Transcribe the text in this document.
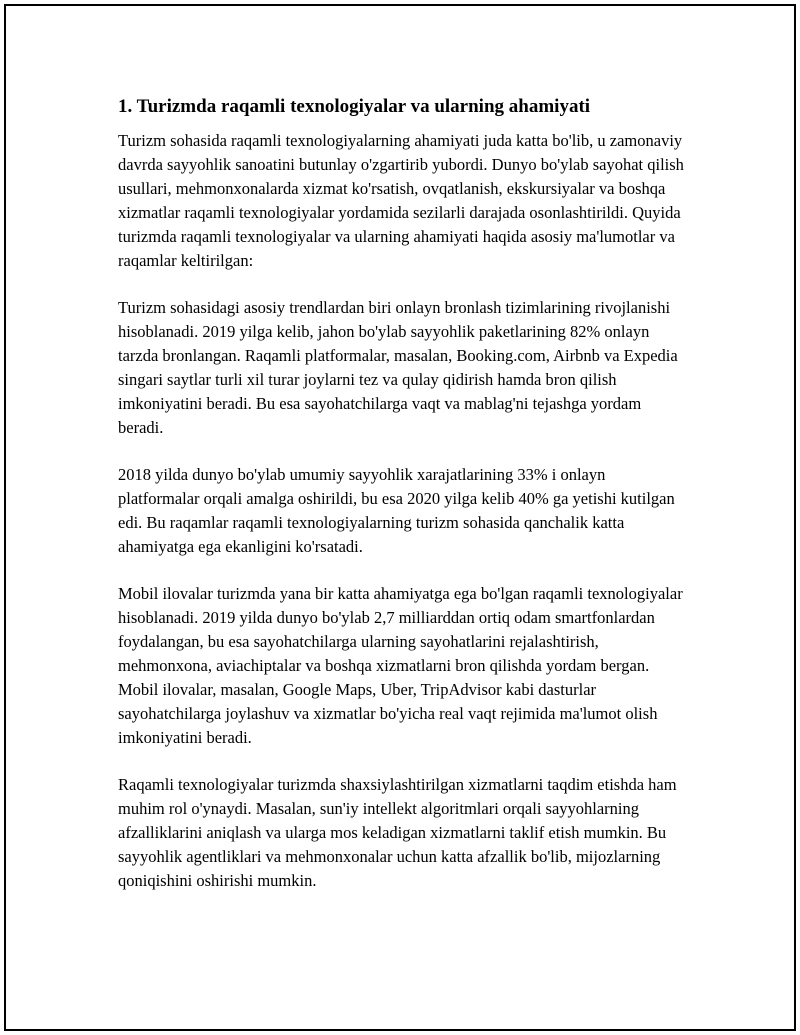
1. Turizmda raqamli texnologiyalar va ularning ahamiyati

Turizm sohasida raqamli texnologiyalarning ahamiyati juda katta bo'lib, u zamonaviy davrda sayyohlik sanoatini butunlay o'zgartirib yubordi. Dunyo bo'ylab sayohat qilish usullari, mehmonxonalarda xizmat ko'rsatish, ovqatlanish, ekskursiyalar va boshqa xizmatlar raqamli texnologiyalar yordamida sezilarli darajada osonlashtirildi. Quyida turizmda raqamli texnologiyalar va ularning ahamiyati haqida asosiy ma'lumotlar va raqamlar keltirilgan:

Turizm sohasidagi asosiy trendlardan biri onlayn bronlash tizimlarining rivojlanishi hisoblanadi. 2019 yilga kelib, jahon bo'ylab sayyohlik paketlarining 82% onlayn tarzda bronlangan. Raqamli platformalar, masalan, Booking.com, Airbnb va Expedia singari saytlar turli xil turar joylarni tez va qulay qidirish hamda bron qilish imkoniyatini beradi. Bu esa sayohatchilarga vaqt va mablag'ni tejashga yordam beradi.

2018 yilda dunyo bo'ylab umumiy sayyohlik xarajatlarining 33% i onlayn platformalar orqali amalga oshirildi, bu esa 2020 yilga kelib 40% ga yetishi kutilgan edi. Bu raqamlar raqamli texnologiyalarning turizm sohasida qanchalik katta ahamiyatga ega ekanligini ko'rsatadi.

Mobil ilovalar turizmda yana bir katta ahamiyatga ega bo'lgan raqamli texnologiyalar hisoblanadi. 2019 yilda dunyo bo'ylab 2,7 milliarddan ortiq odam smartfonlardan foydalangan, bu esa sayohatchilarga ularning sayohatlarini rejalashtirish, mehmonxona, aviachiptalar va boshqa xizmatlarni bron qilishda yordam bergan. Mobil ilovalar, masalan, Google Maps, Uber, TripAdvisor kabi dasturlar sayohatchilarga joylashuv va xizmatlar bo'yicha real vaqt rejimida ma'lumot olish imkoniyatini beradi.

Raqamli texnologiyalar turizmda shaxsiylashtirilgan xizmatlarni taqdim etishda ham muhim rol o'ynaydi. Masalan, sun'iy intellekt algoritmlari orqali sayyohlarning afzalliklarini aniqlash va ularga mos keladigan xizmatlarni taklif etish mumkin. Bu sayyohlik agentliklari va mehmonxonalar uchun katta afzallik bo'lib, mijozlarning qoniqishini oshirishi mumkin.
